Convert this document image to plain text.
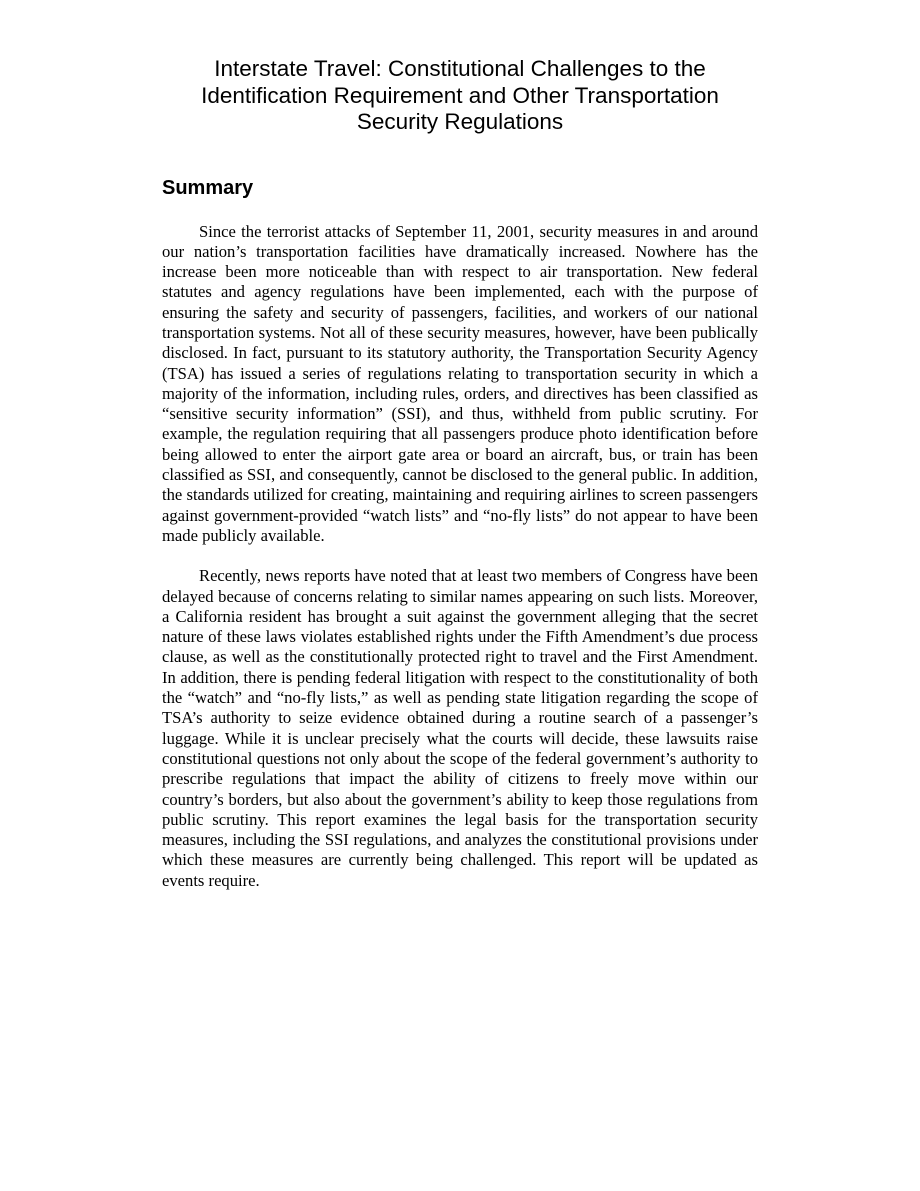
Interstate Travel: Constitutional Challenges to the Identification Requirement and Other Transportation Security Regulations
Summary

Since the terrorist attacks of September 11, 2001, security measures in and around our nation’s transportation facilities have dramatically increased. Nowhere has the increase been more noticeable than with respect to air transportation. New federal statutes and agency regulations have been implemented, each with the purpose of ensuring the safety and security of passengers, facilities, and workers of our national transportation systems. Not all of these security measures, however, have been publically disclosed. In fact, pursuant to its statutory authority, the Transportation Security Agency (TSA) has issued a series of regulations relating to transportation security in which a majority of the information, including rules, orders, and directives has been classified as “sensitive security information” (SSI), and thus, withheld from public scrutiny. For example, the regulation requiring that all passengers produce photo identification before being allowed to enter the airport gate area or board an aircraft, bus, or train has been classified as SSI, and consequently, cannot be disclosed to the general public. In addition, the standards utilized for creating, maintaining and requiring airlines to screen passengers against government-provided “watch lists” and “no-fly lists” do not appear to have been made publicly available.

Recently, news reports have noted that at least two members of Congress have been delayed because of concerns relating to similar names appearing on such lists. Moreover, a California resident has brought a suit against the government alleging that the secret nature of these laws violates established rights under the Fifth Amendment’s due process clause, as well as the constitutionally protected right to travel and the First Amendment. In addition, there is pending federal litigation with respect to the constitutionality of both the “watch” and “no-fly lists,” as well as pending state litigation regarding the scope of TSA’s authority to seize evidence obtained during a routine search of a passenger’s luggage. While it is unclear precisely what the courts will decide, these lawsuits raise constitutional questions not only about the scope of the federal government’s authority to prescribe regulations that impact the ability of citizens to freely move within our country’s borders, but also about the government’s ability to keep those regulations from public scrutiny. This report examines the legal basis for the transportation security measures, including the SSI regulations, and analyzes the constitutional provisions under which these measures are currently being challenged. This report will be updated as events require.
